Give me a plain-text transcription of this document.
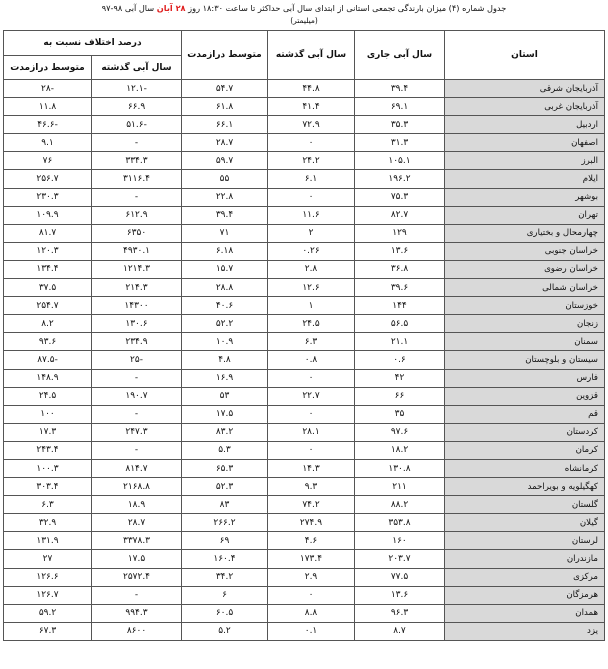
جدول شماره (۴) میزان بارندگی تجمعی استانی از ابتدای سال آبی حداکثر تا ساعت ۱۸:۳۰ روز ۲۸ آبان سال آبی ۹۸-۹۷
(میلیمتر)
استان	سال آبی جاری	سال آبی گذشته	متوسط درازمدت	درصد اختلاف نسبت به	
				سال آبی گذشته	متوسط درازمدت
آذربایجان شرقی	۳۹.۴	۴۴.۸	۵۴.۷	-۱۲.۱	-۲۸
آذربایجان غربی	۶۹.۱	۴۱.۴	۶۱.۸	۶۶.۹	۱۱.۸
اردبیل	۳۵.۳	۷۲.۹	۶۶.۱	-۵۱.۶	-۴۶.۶
اصفهان	۳۱.۳	۰	۲۸.۷	-	۹.۱
البرز	۱۰۵.۱	۲۴.۲	۵۹.۷	۳۳۴.۳	۷۶
ایلام	۱۹۶.۲	۶.۱	۵۵	۳۱۱۶.۴	۲۵۶.۷
بوشهر	۷۵.۳	۰	۲۲.۸	-	۲۳۰.۳
تهران	۸۲.۷	۱۱.۶	۳۹.۴	۶۱۲.۹	۱۰۹.۹
چهارمحال و بختیاری	۱۲۹	۲	۷۱	۶۳۵۰	۸۱.۷
خراسان جنوبی	۱۳.۶	۰.۲۶	۶.۱۸	۴۹۳۰.۱	۱۲۰.۳
خراسان رضوی	۳۶.۸	۲.۸	۱۵.۷	۱۲۱۴.۳	۱۳۴.۴
خراسان شمالی	۳۹.۶	۱۲.۶	۲۸.۸	۲۱۴.۳	۳۷.۵
خوزستان	۱۴۴	۱	۴۰.۶	۱۴۳۰۰	۲۵۴.۷
زنجان	۵۶.۵	۲۴.۵	۵۲.۲	۱۳۰.۶	۸.۲
سمنان	۲۱.۱	۶.۳	۱۰.۹	۲۳۴.۹	۹۳.۶
سیستان و بلوچستان	۰.۶	۰.۸	۴.۸	-۲۵	-۸۷.۵
فارس	۴۲	۰	۱۶.۹	-	۱۴۸.۹
قزوین	۶۶	۲۲.۷	۵۳	۱۹۰.۷	۲۴.۵
قم	۳۵	۰	۱۷.۵	-	۱۰۰
کردستان	۹۷.۶	۲۸.۱	۸۳.۲	۲۴۷.۳	۱۷.۳
کرمان	۱۸.۲	۰	۵.۳	-	۲۴۳.۴
کرمانشاه	۱۳۰.۸	۱۴.۳	۶۵.۳	۸۱۴.۷	۱۰۰.۳
کهگیلویه و بویراحمد	۲۱۱	۹.۳	۵۲.۳	۲۱۶۸.۸	۳۰۳.۴
گلستان	۸۸.۲	۷۴.۲	۸۳	۱۸.۹	۶.۳
گیلان	۳۵۳.۸	۲۷۴.۹	۲۶۶.۲	۲۸.۷	۳۲.۹
لرستان	۱۶۰	۴.۶	۶۹	۳۳۷۸.۳	۱۳۱.۹
مازندران	۲۰۳.۷	۱۷۳.۴	۱۶۰.۴	۱۷.۵	۲۷
مرکزی	۷۷.۵	۲.۹	۳۴.۲	۲۵۷۲.۴	۱۲۶.۶
هرمزگان	۱۳.۶	۰	۶	-	۱۲۶.۷
همدان	۹۶.۳	۸.۸	۶۰.۵	۹۹۴.۳	۵۹.۲
یزد	۸.۷	۰.۱	۵.۲	۸۶۰۰	۶۷.۳
